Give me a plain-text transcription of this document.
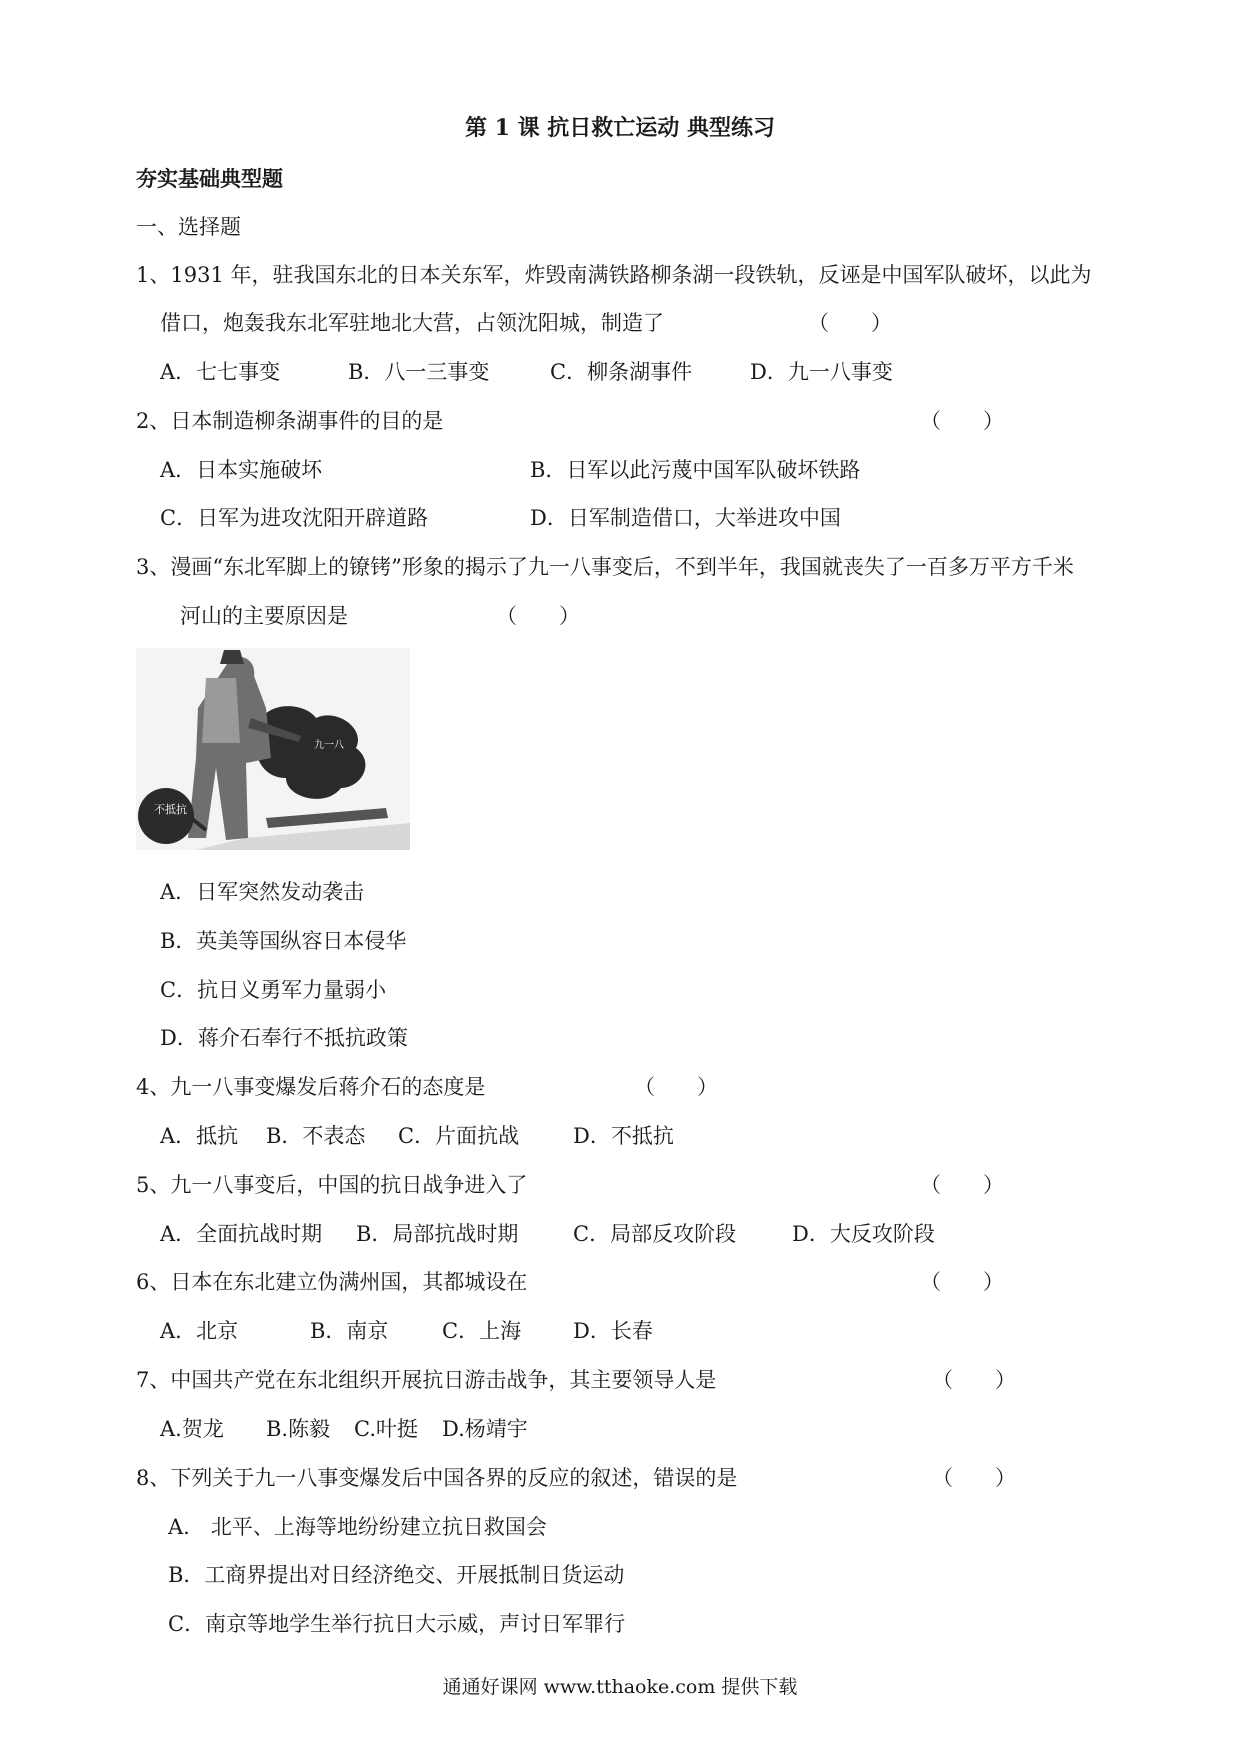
第 1 课 抗日救亡运动 典型练习
夯实基础典型题
一、选择题
1、1931 年，驻我国东北的日本关东军，炸毁南满铁路柳条湖一段铁轨，反诬是中国军队破坏，以此为
借口，炮轰我东北军驻地北大营，占领沈阳城，制造了	（　　）
A．七七事变	B．八一三事变	C．柳条湖事件	D．九一八事变
2、日本制造柳条湖事件的目的是	（　　）
A．日本实施破坏	B．日军以此污蔑中国军队破坏铁路
C．日军为进攻沈阳开辟道路	D．日军制造借口，大举进攻中国
3、漫画“东北军脚上的镣铐”形象的揭示了九一八事变后，不到半年，我国就丧失了一百多万平方千米
河山的主要原因是	（　　）
不抵抗
九一八
A．日军突然发动袭击
B．英美等国纵容日本侵华
C．抗日义勇军力量弱小
D．蒋介石奉行不抵抗政策
4、九一八事变爆发后蒋介石的态度是	（　　）
A．抵抗 B．不表态 C．片面抗战	D．不抵抗
5、九一八事变后，中国的抗日战争进入了	（　　）
A．全面抗战时期 B．局部抗战时期	C．局部反攻阶段	D．大反攻阶段
6、日本在东北建立伪满州国，其都城设在	（　　）
A．北京	B．南京	C．上海 D．长春
7、中国共产党在东北组织开展抗日游击战争，其主要领导人是	（　　）
A.贺龙 B.陈毅 C.叶挺 D.杨靖宇
8、下列关于九一八事变爆发后中国各界的反应的叙述，错误的是	（　　）
A.　北平、上海等地纷纷建立抗日救国会
B．工商界提出对日经济绝交、开展抵制日货运动
C．南京等地学生举行抗日大示威，声讨日军罪行
通通好课网 www.tthaoke.com 提供下载
